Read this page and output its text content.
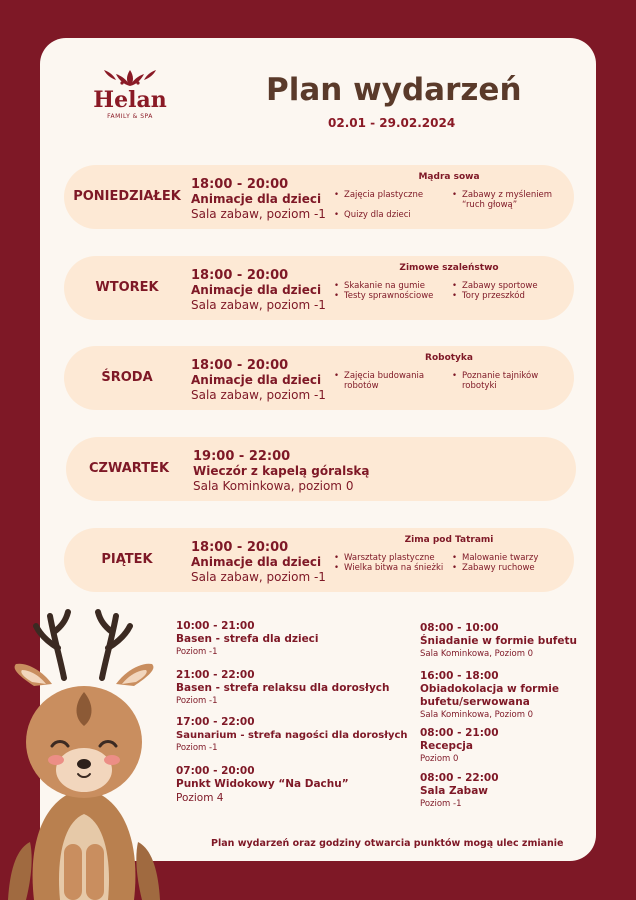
Helan
FAMILY & SPA
Plan wydarzeń
02.01 - 29.02.2024
PONIEDZIAŁEK
18:00 - 20:00
Animacje dla dzieci
Sala zabaw, poziom -1
Mądra sowa
• Zajęcia plastyczne	• Zabawy z myśleniem “ruch głową”
• Quizy dla dzieci
WTOREK
18:00 - 20:00
Animacje dla dzieci
Sala zabaw, poziom -1
Zimowe szaleństwo
• Skakanie na gumie	• Zabawy sportowe
• Testy sprawnościowe	• Tory przeszkód
ŚRODA
18:00 - 20:00
Animacje dla dzieci
Sala zabaw, poziom -1
Robotyka
• Zajęcia budowania robotów
• Poznanie tajników robotyki
CZWARTEK
19:00 - 22:00
Wieczór z kapelą góralską
Sala Kominkowa, poziom 0
PIĄTEK
18:00 - 20:00
Animacje dla dzieci
Sala zabaw, poziom -1
Zima pod Tatrami
• Warsztaty plastyczne	• Malowanie twarzy
• Wielka bitwa na śnieżki	• Zabawy ruchowe
10:00 - 21:00
Basen - strefa dla dzieci
Poziom -1
21:00 - 22:00
Basen - strefa relaksu dla dorosłych
Poziom -1
17:00 - 22:00
Saunarium - strefa nagości dla dorosłych
Poziom -1
07:00 - 20:00
Punkt Widokowy “Na Dachu”
Poziom 4
08:00 - 10:00
Śniadanie w formie bufetu
Sala Kominkowa, Poziom 0
16:00 - 18:00
Obiadokolacja w formie bufetu/serwowana
Sala Kominkowa, Poziom 0
08:00 - 21:00
Recepcja
Poziom 0
08:00 - 22:00
Sala Zabaw
Poziom -1
Plan wydarzeń oraz godziny otwarcia punktów mogą ulec zmianie
